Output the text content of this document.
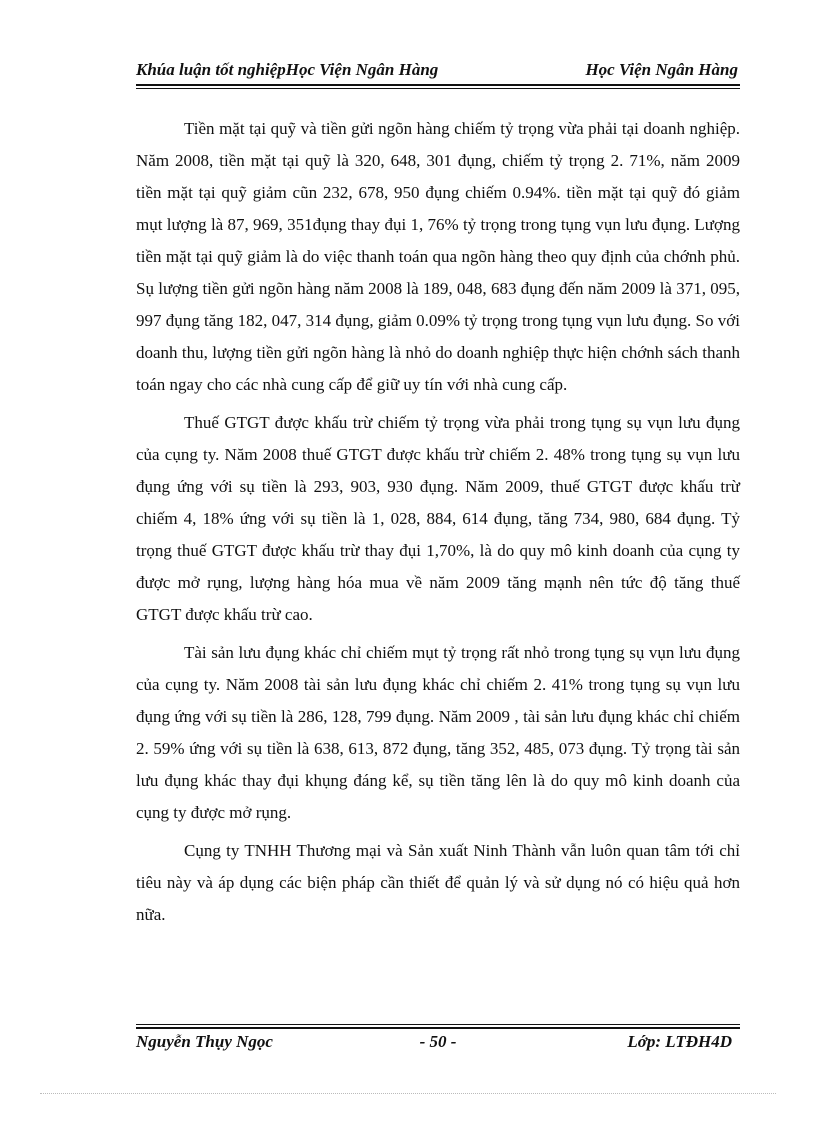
Khúa luận tốt nghiệpHọc Viện Ngân Hàng	Học Viện Ngân Hàng

Tiền mặt tại quỹ và tiền gửi ngõn hàng chiếm tỷ trọng vừa phải tại doanh nghiệp. Năm 2008, tiền mặt tại quỹ là 320, 648, 301 đụng, chiếm tỷ trọng 2. 71%, năm 2009 tiền mặt tại quỹ giảm cũn 232, 678, 950 đụng chiếm 0.94%. tiền mặt tại quỹ đó giảm mụt lượng là 87, 969, 351đụng thay đụi 1, 76% tỷ trọng trong tụng vụn lưu đụng. Lượng tiền mặt tại quỹ giảm là do việc thanh toán qua ngõn hàng theo quy định của chớnh phủ. Sụ lượng tiền gửi ngõn hàng năm 2008 là 189, 048, 683 đụng đến năm 2009 là 371, 095, 997 đụng tăng 182, 047, 314 đụng, giảm 0.09% tỷ trọng trong tụng vụn lưu đụng. So với doanh thu, lượng tiền gửi ngõn hàng là nhỏ do doanh nghiệp thực hiện chớnh sách thanh toán ngay cho các nhà cung cấp để giữ uy tín với nhà cung cấp.

Thuế GTGT được khấu trừ chiếm tỷ trọng vừa phải trong tụng sụ vụn lưu đụng của cụng ty. Năm 2008 thuế GTGT được khấu trừ chiếm 2. 48% trong tụng sụ vụn lưu đụng ứng với sụ tiền là 293, 903, 930 đụng. Năm 2009, thuế GTGT được khấu trừ chiếm 4, 18% ứng với sụ tiền là 1, 028, 884, 614 đụng, tăng 734, 980, 684 đụng. Tỷ trọng thuế GTGT được khấu trừ thay đụi 1,70%, là do quy mô kinh doanh của cụng ty được mở rụng, lượng hàng hóa mua về năm 2009 tăng mạnh nên tức độ tăng thuế GTGT được khấu trừ cao.

Tài sản lưu đụng khác chỉ chiếm mụt tỷ trọng rất nhỏ trong tụng sụ vụn lưu đụng của cụng ty. Năm 2008 tài sản lưu đụng khác chỉ chiếm 2. 41% trong tụng sụ vụn lưu đụng ứng với sụ tiền là 286, 128, 799 đụng. Năm 2009 , tài sản lưu đụng khác chỉ chiếm 2. 59% ứng với sụ tiền là 638, 613, 872 đụng, tăng 352, 485, 073 đụng. Tỷ trọng tài sản lưu đụng khác thay đụi khụng đáng kể, sụ tiền tăng lên là do quy mô kinh doanh của cụng ty được mở rụng.

Cụng ty TNHH Thương mại và Sản xuất Ninh Thành vẫn luôn quan tâm tới chỉ tiêu này và áp dụng các biện pháp cần thiết để quản lý và sử dụng nó có hiệu quả hơn nữa.

Nguyễn Thụy Ngọc	- 50 -	Lớp: LTĐH4D
